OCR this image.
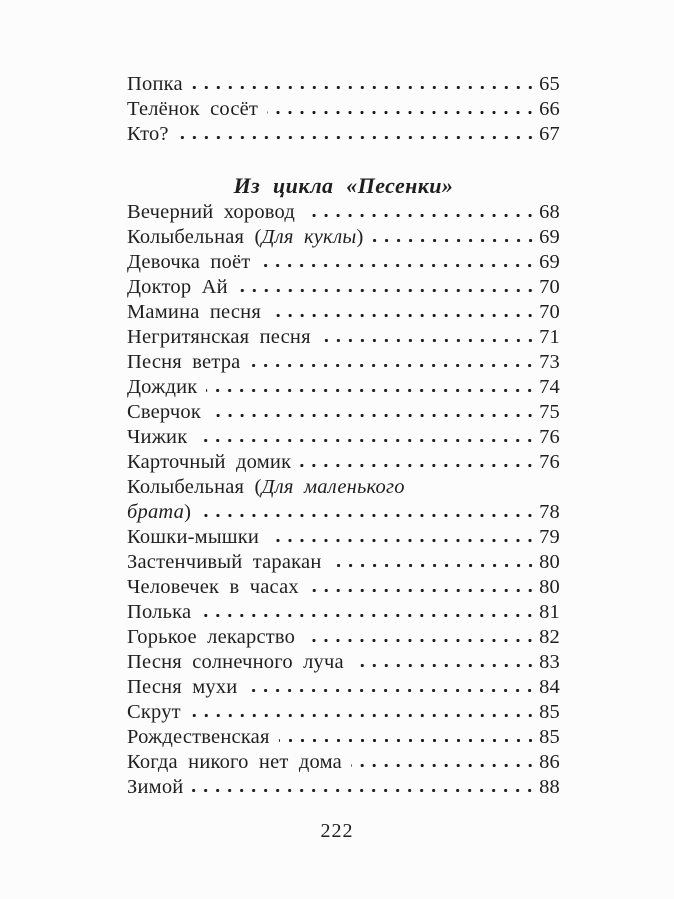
Попка	65
Телёнок сосёт	66
Кто?	67
Из цикла «Песенки»
Вечерний хоровод	68
Колыбельная (Для куклы)	69
Девочка поёт	69
Доктор Ай	70
Мамина песня	70
Негритянская песня	71
Песня ветра	73
Дождик	74
Сверчок	75
Чижик	76
Карточный домик	76
Колыбельная (Для маленького
брата)	78
Кошки-мышки	79
Застенчивый таракан	80
Человечек в часах	80
Полька	81
Горькое лекарство	82
Песня солнечного луча	83
Песня мухи	84
Скрут	85
Рождественская	85
Когда никого нет дома	86
Зимой	88
222
